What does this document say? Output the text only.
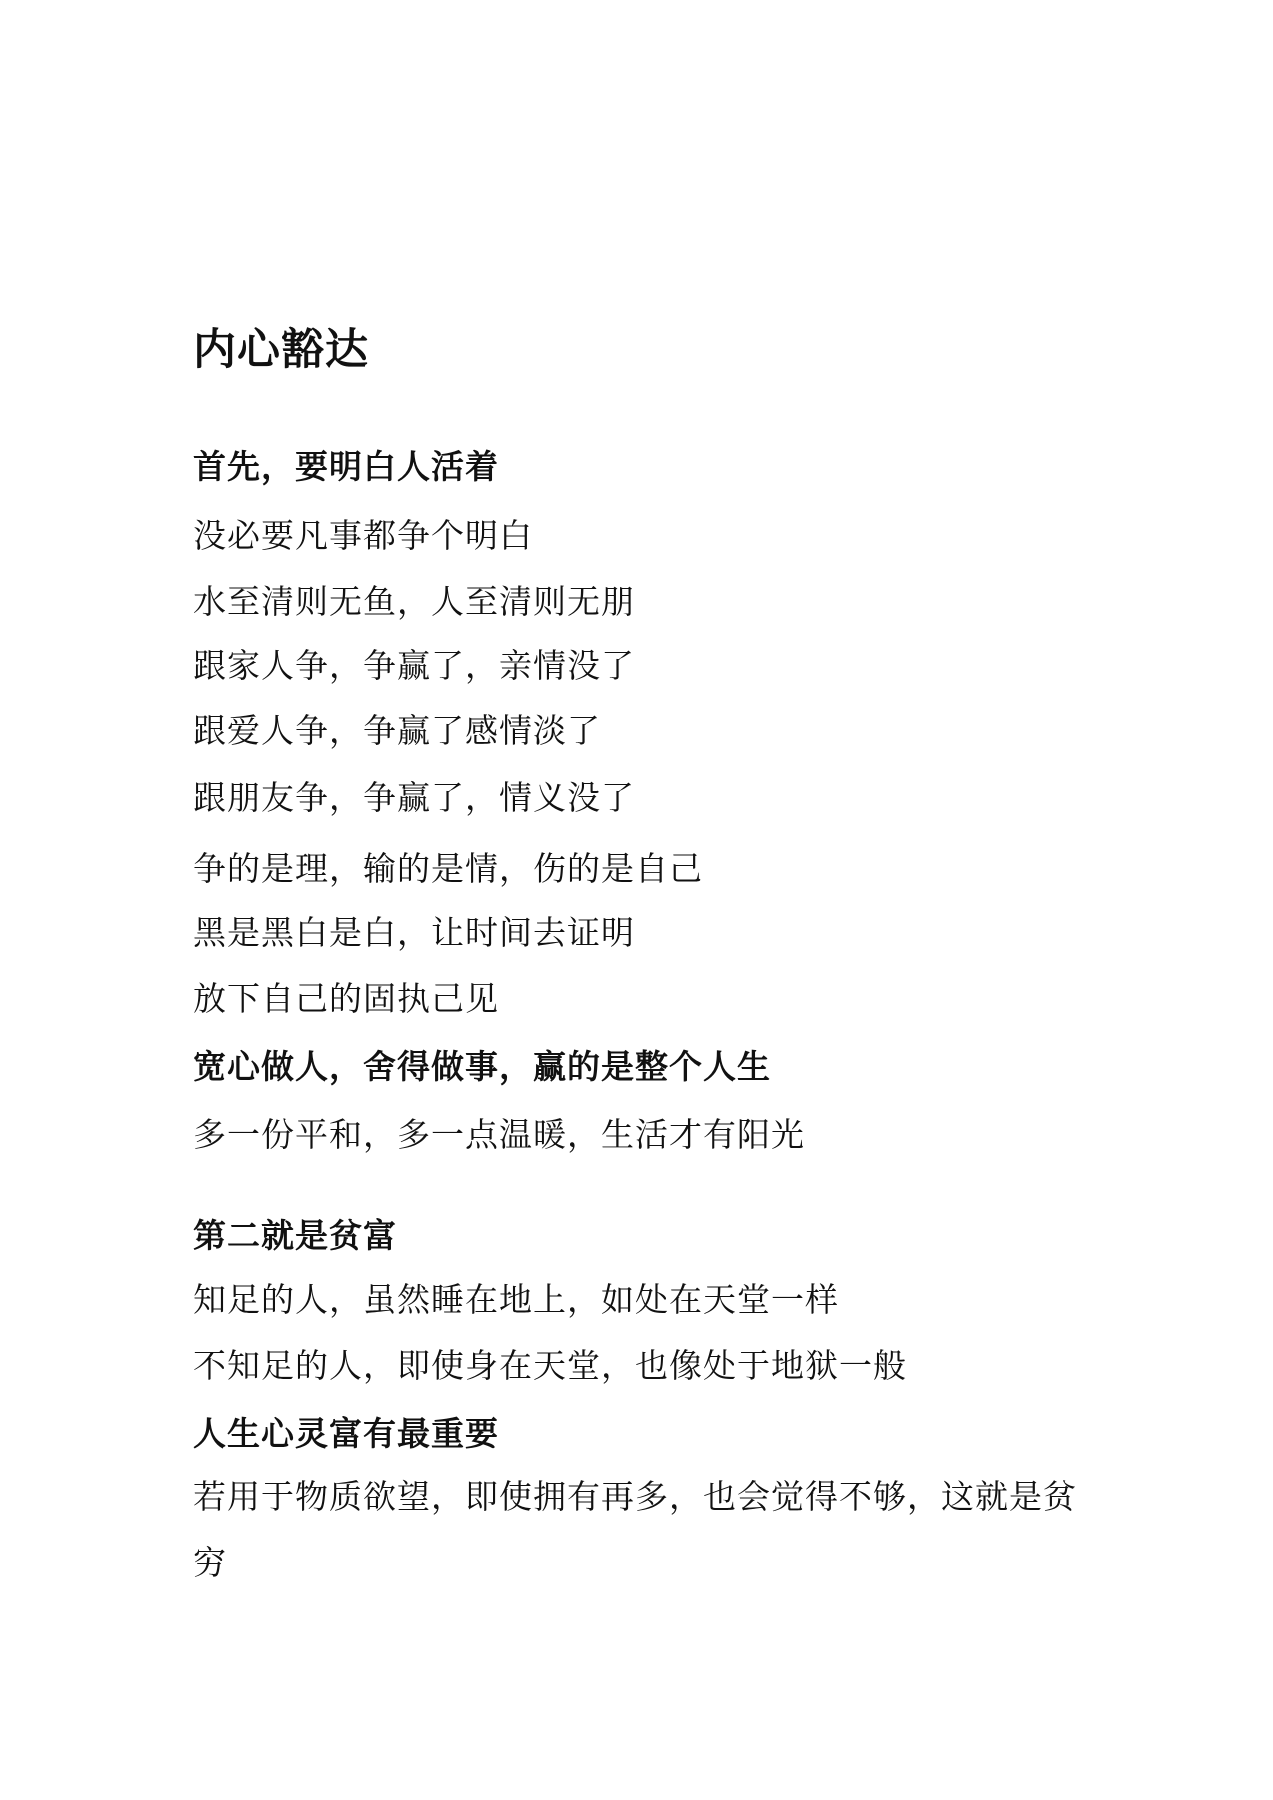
内心豁达

首先，要明白人活着

没必要凡事都争个明白

水至清则无鱼，人至清则无朋

跟家人争，争赢了，亲情没了

跟爱人争，争赢了感情淡了

跟朋友争，争赢了，情义没了

争的是理，输的是情，伤的是自己

黑是黑白是白，让时间去证明

放下自己的固执己见

宽心做人，舍得做事，赢的是整个人生

多一份平和，多一点温暖，生活才有阳光

第二就是贫富

知足的人，虽然睡在地上，如处在天堂一样

不知足的人，即使身在天堂，也像处于地狱一般

人生心灵富有最重要

若用于物质欲望，即使拥有再多，也会觉得不够，这就是贫穷
